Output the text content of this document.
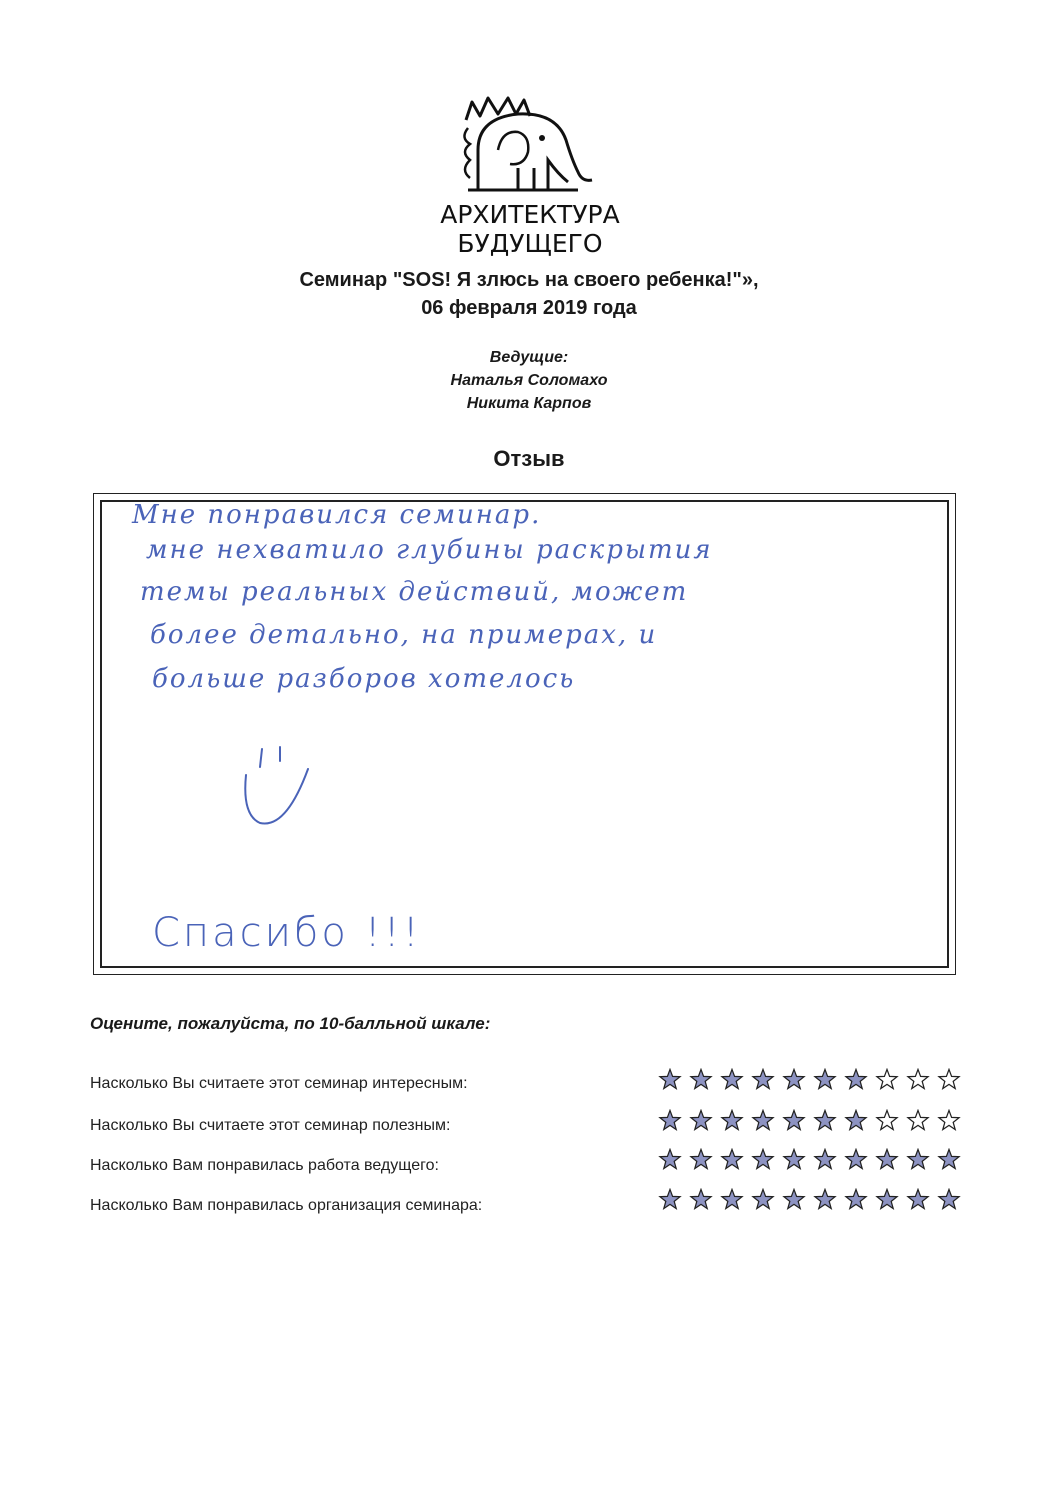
АРХИТЕКТУРА БУДУЩЕГО
Семинар "SOS! Я злюсь на своего ребенка!"»,
06 февраля 2019 года
Ведущие:
Наталья Соломахо
Никита Карпов
Отзыв
Мне понравился семинар.
мне нехватило глубины раскрытия
темы реальных действий, может
более детально, на примерах, и
больше разборов хотелось
Спасибо !!!
Оцените, пожалуйста, по 10-балльной шкале:
Насколько Вы считаете этот семинар интересным:
Насколько Вы считаете этот семинар полезным:
Насколько Вам понравилась работа ведущего:
Насколько Вам понравилась организация семинара:
